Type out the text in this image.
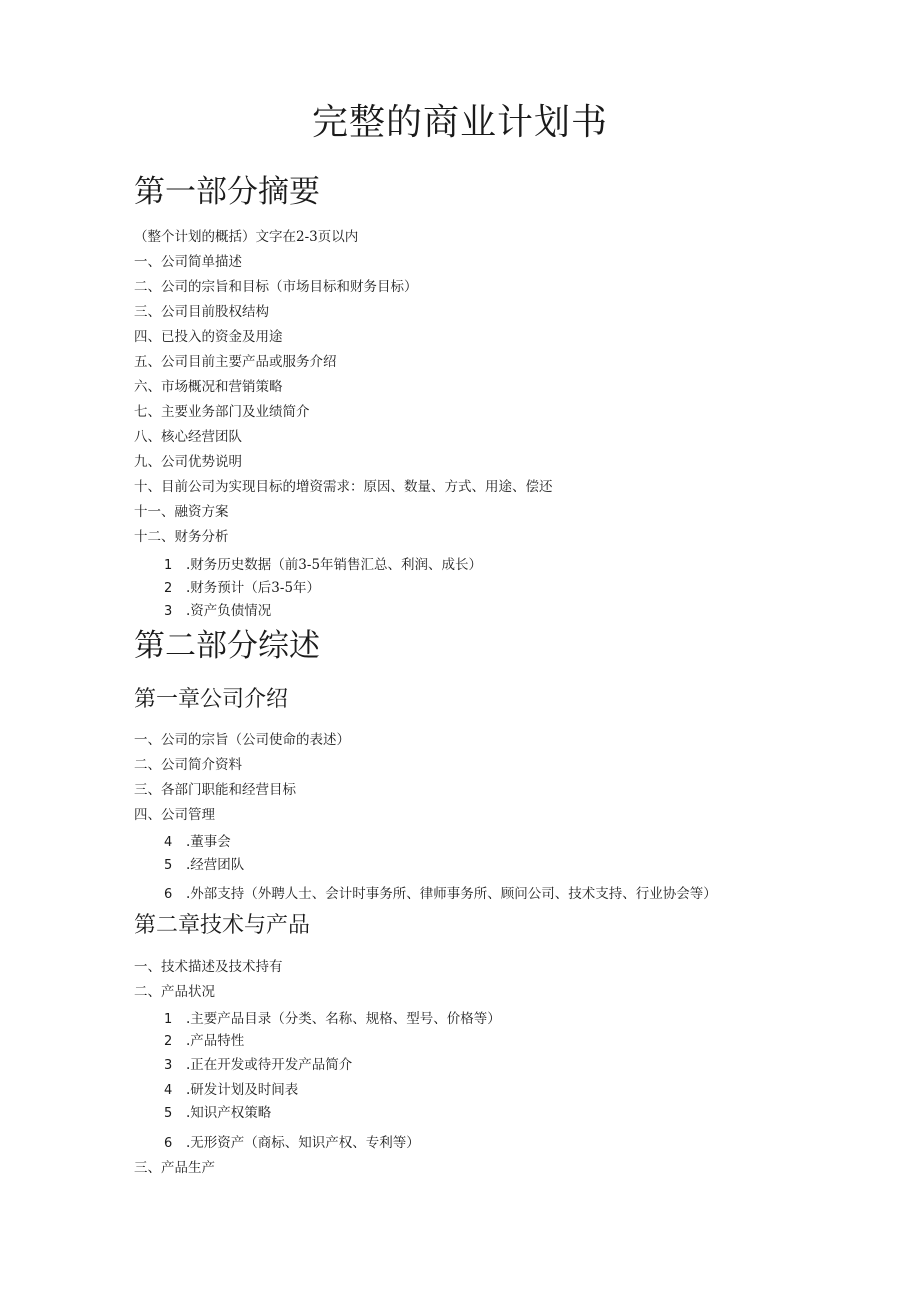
完整的商业计划书
第一部分摘要
（整个计划的概括）文字在2-3页以内
一、公司简单描述
二、公司的宗旨和目标（市场目标和财务目标）
三、公司目前股权结构
四、已投入的资金及用途
五、公司目前主要产品或服务介绍
六、市场概况和营销策略
七、主要业务部门及业绩简介
八、核心经营团队
九、公司优势说明
十、目前公司为实现目标的增资需求：原因、数量、方式、用途、偿还
十一、融资方案
十二、财务分析
1 .财务历史数据（前3-5年销售汇总、利润、成长）
2 .财务预计（后3-5年）
3 .资产负债情况
第二部分综述
第一章公司介绍
一、公司的宗旨（公司使命的表述）
二、公司简介资料
三、各部门职能和经营目标
四、公司管理
4 .董事会
5 .经营团队
6 .外部支持（外聘人士、会计时事务所、律师事务所、顾问公司、技术支持、行业协会等）
第二章技术与产品
一、技术描述及技术持有
二、产品状况
1 .主要产品目录（分类、名称、规格、型号、价格等）
2 .产品特性
3 .正在开发或待开发产品简介
4 .研发计划及时间表
5 .知识产权策略
6 .无形资产（商标、知识产权、专利等）
三、产品生产
